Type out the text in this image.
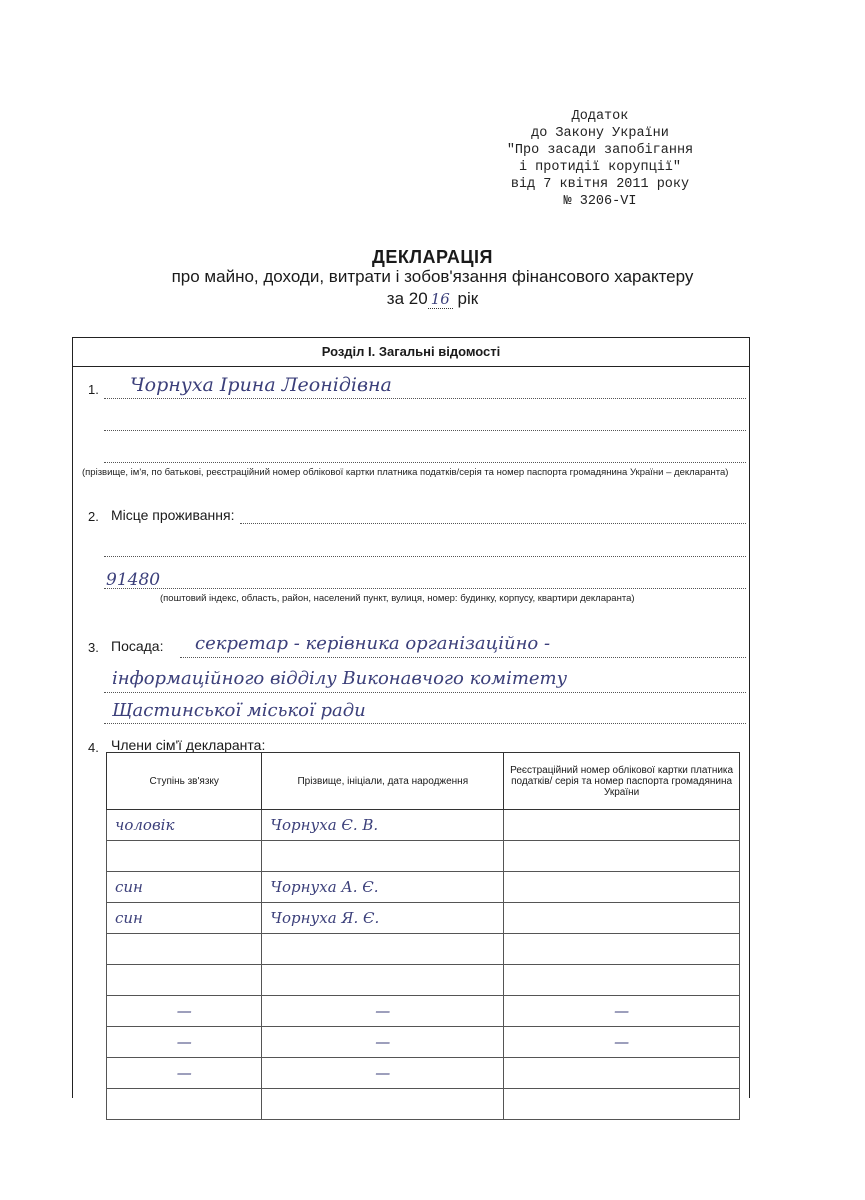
Додаток
до Закону України
"Про засади запобігання
і протидії корупції"
від 7 квітня 2011 року
№ 3206-VI
ДЕКЛАРАЦІЯ
про майно, доходи, витрати і зобов'язання фінансового характеру
за 20 16 рік
Розділ І. Загальні відомості
1. Чорнуха Ірина Леонідівна
(прізвище, ім'я, по батькові, реєстраційний номер облікової картки платника податків/серія та номер паспорта громадянина України – декларанта)
2. Місце проживання:
91480
(поштовий індекс, область, район, населений пункт, вулиця, номер: будинку, корпусу, квартири декларанта)
3. Посада: секретар - керівника організаційно -
інформаційного відділу Виконавчого комітету
Щастинської міської ради
4. Члени сім'ї декларанта:
Ступінь зв'язку	Прізвище, ініціали, дата народження	Реєстраційний номер облікової картки платника податків/ серія та номер паспорта громадянина України
чоловік	Чорнуха Є. В.	

син	Чорнуха А. Є.	
син	Чорнуха Я. Є.	

—	—	—
—	—	—
—	—	
